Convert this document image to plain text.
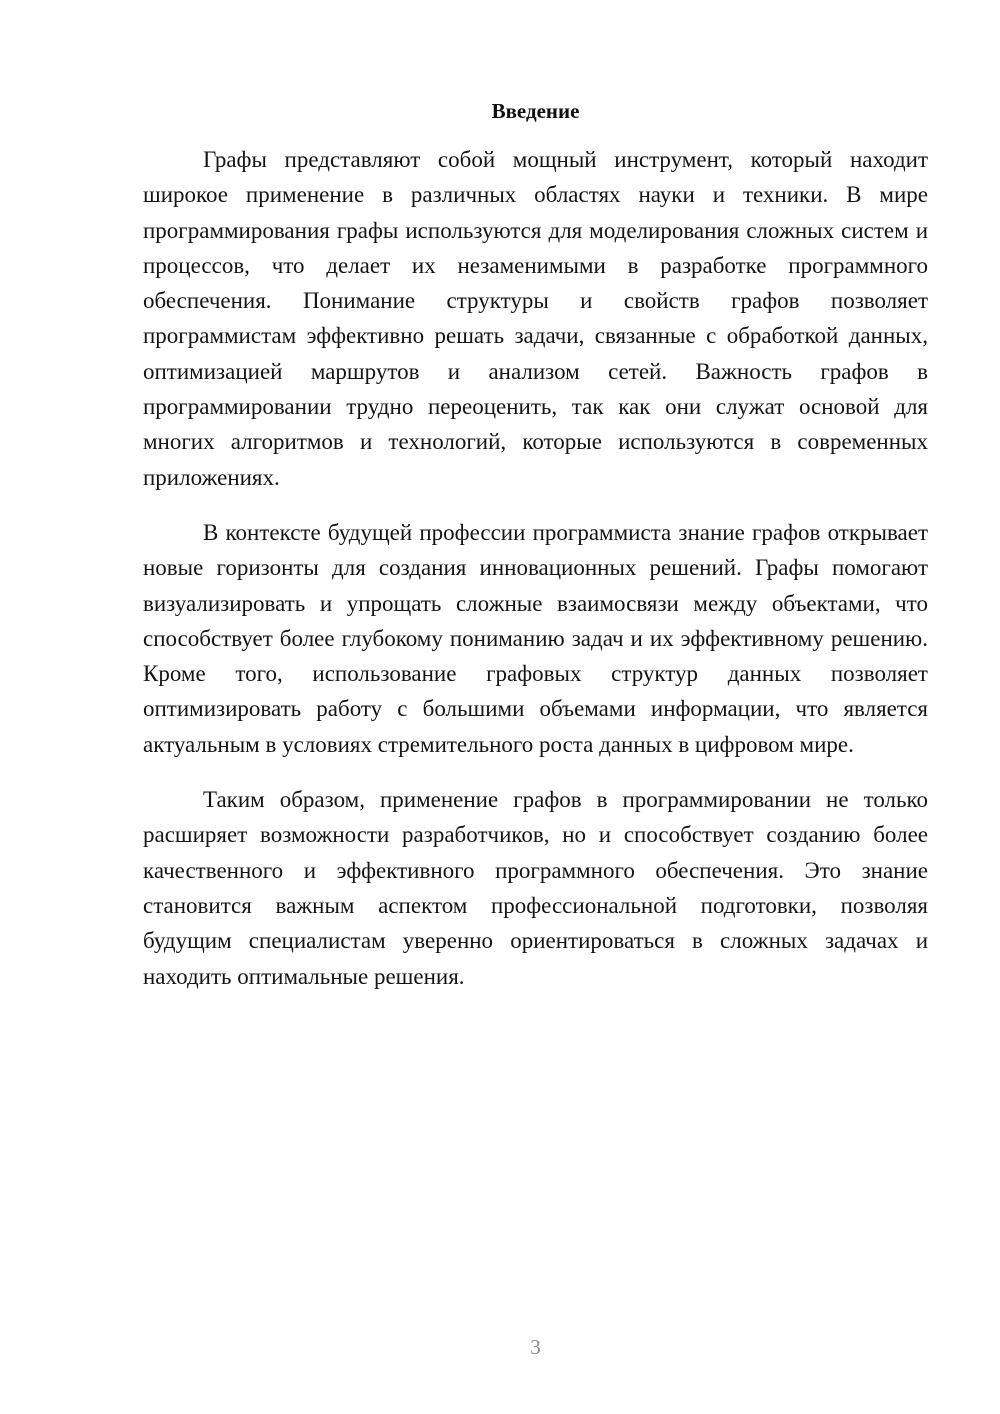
Введение

Графы представляют собой мощный инструмент, который находит широкое применение в различных областях науки и техники. В мире программирования графы используются для моделирования сложных систем и процессов, что делает их незаменимыми в разработке программного обеспечения. Понимание структуры и свойств графов позволяет программистам эффективно решать задачи, связанные с обработкой данных, оптимизацией маршрутов и анализом сетей. Важность графов в программировании трудно переоценить, так как они служат основой для многих алгоритмов и технологий, которые используются в современных приложениях.

В контексте будущей профессии программиста знание графов открывает новые горизонты для создания инновационных решений. Графы помогают визуализировать и упрощать сложные взаимосвязи между объектами, что способствует более глубокому пониманию задач и их эффективному решению. Кроме того, использование графовых структур данных позволяет оптимизировать работу с большими объемами информации, что является актуальным в условиях стремительного роста данных в цифровом мире.

Таким образом, применение графов в программировании не только расширяет возможности разработчиков, но и способствует созданию более качественного и эффективного программного обеспечения. Это знание становится важным аспектом профессиональной подготовки, позволяя будущим специалистам уверенно ориентироваться в сложных задачах и находить оптимальные решения.

3
